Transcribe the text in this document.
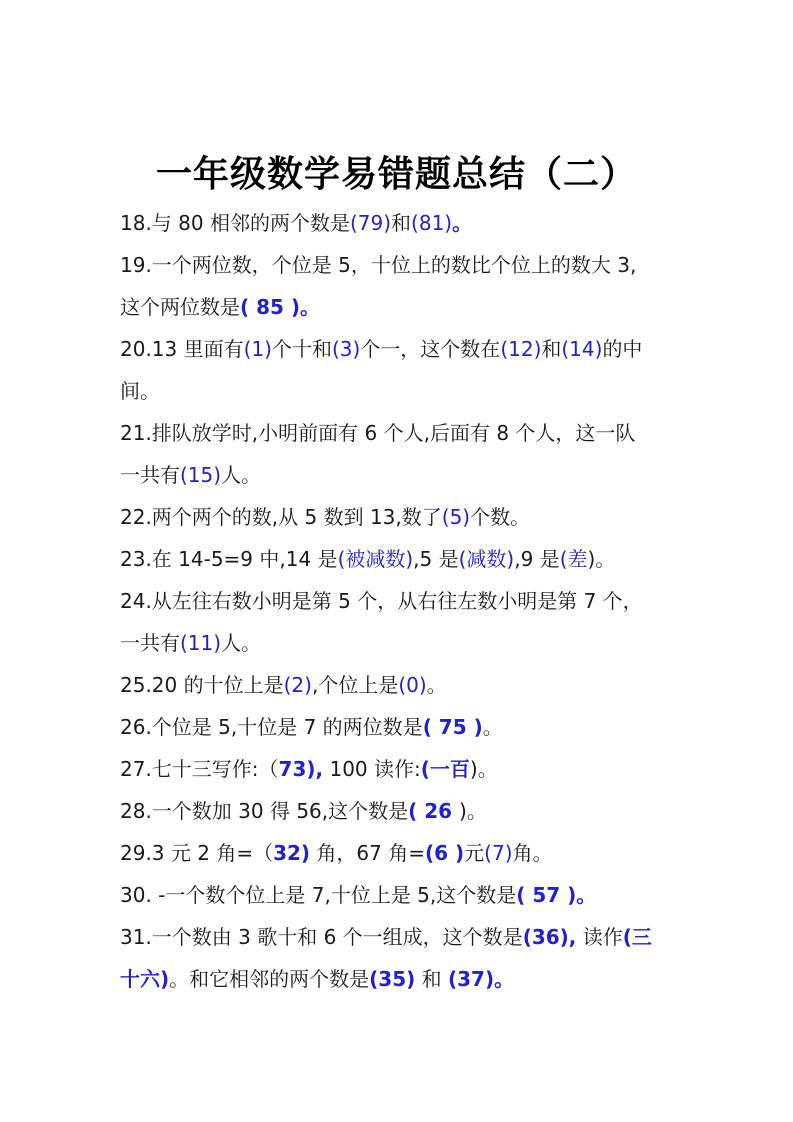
一年级数学易错题总结（二）
18.与 80 相邻的两个数是(79)和(81)。
19.一个两位数，个位是 5，十位上的数比个位上的数大 3,
这个两位数是( 85 )。
20.13 里面有(1)个十和(3)个一，这个数在(12)和(14)的中
间。
21.排队放学时,小明前面有 6 个人,后面有 8 个人，这一队
一共有(15)人。
22.两个两个的数,从 5 数到 13,数了(5)个数。
23.在 14-5=9 中,14 是(被减数),5 是(减数),9 是(差)。
24.从左往右数小明是第 5 个，从右往左数小明是第 7 个，
一共有(11)人。
25.20 的十位上是(2),个位上是(0)。
26.个位是 5,十位是 7 的两位数是( 75 )。
27.七十三写作:（73), 100 读作:(一百)。
28.一个数加 30 得 56,这个数是( 26 )。
29.3 元 2 角=（32) 角，67 角=(6 )元(7)角。
30. -一个数个位上是 7,十位上是 5,这个数是( 57 )。
31.一个数由 3 歌十和 6 个一组成，这个数是(36), 读作(三
十六)。和它相邻的两个数是(35) 和 (37)。
